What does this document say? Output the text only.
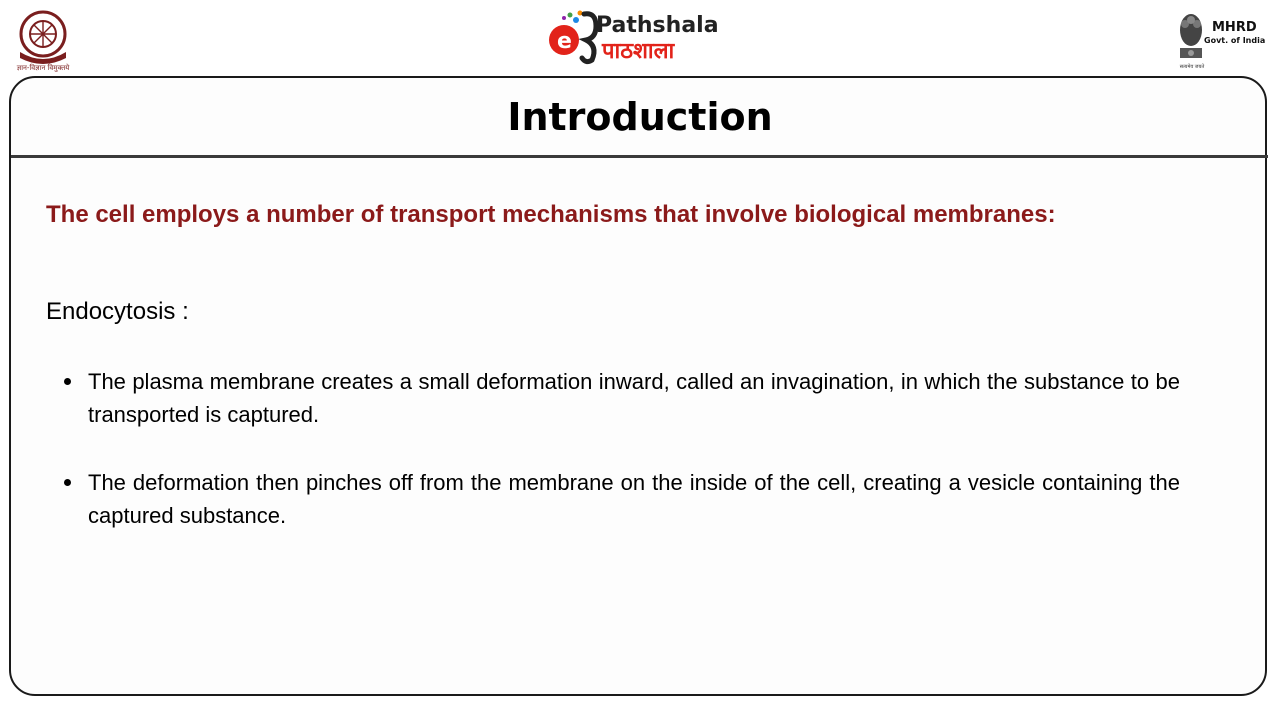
ज्ञान-विज्ञान विमुक्तये
e
Pathshala
पाठशाला
MHRD
Govt. of India
सत्यमेव जयते
Introduction
The cell employs a number of transport mechanisms that involve biological membranes:
Endocytosis :
The plasma membrane creates a small deformation inward, called an invagination, in which the substance to be transported is captured.
The deformation then pinches off from the membrane on the inside of the cell, creating a vesicle containing the captured substance.
